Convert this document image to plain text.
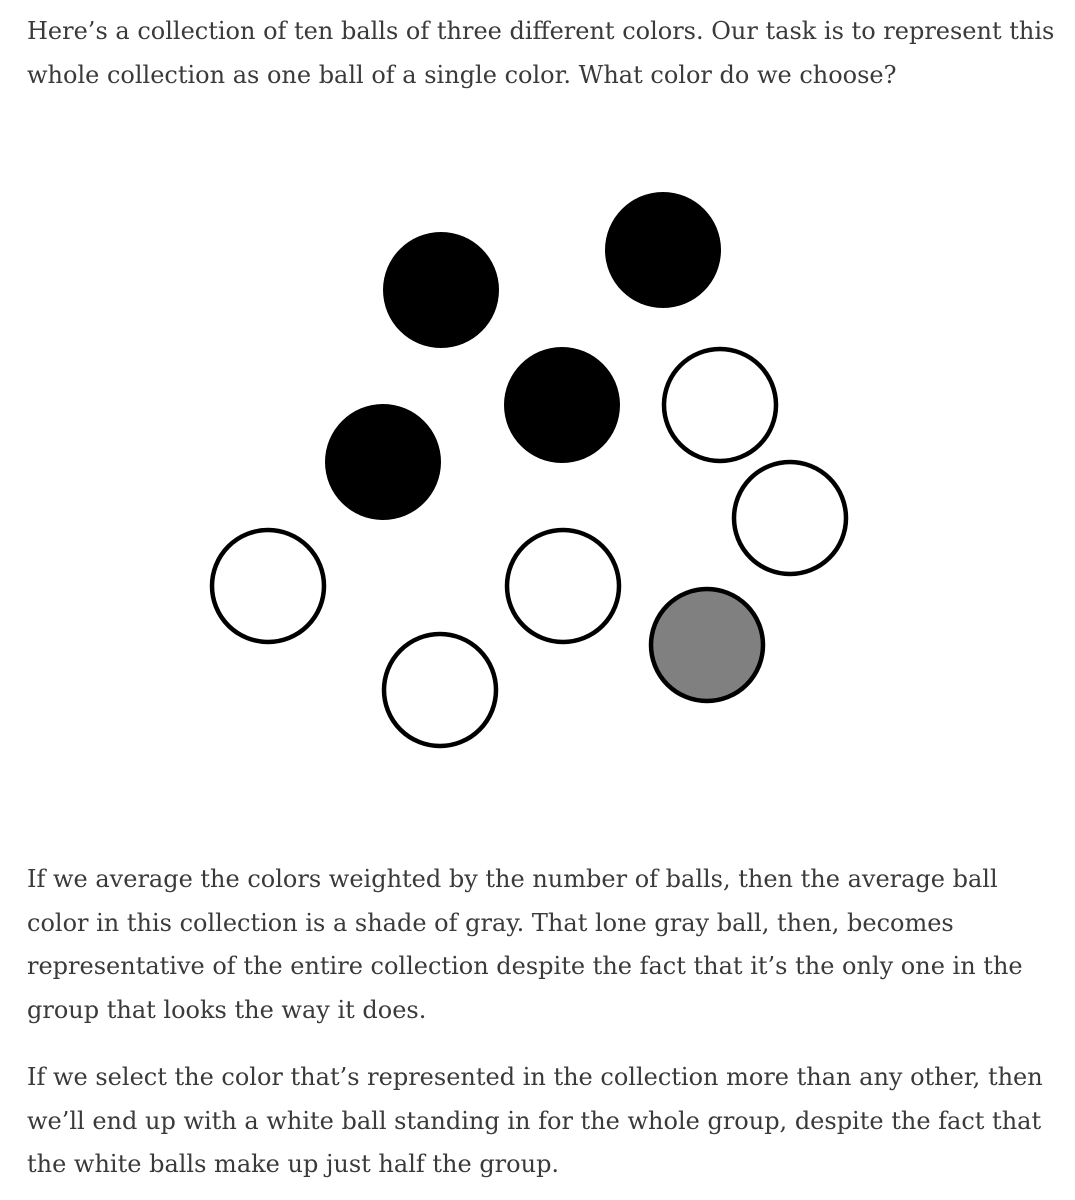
Here’s a collection of ten balls of three different colors. Our task is to represent this whole collection as one ball of a single color. What color do we choose?

If we average the colors weighted by the number of balls, then the average ball color in this collection is a shade of gray. That lone gray ball, then, becomes representative of the entire collection despite the fact that it’s the only one in the group that looks the way it does.

If we select the color that’s represented in the collection more than any other, then we’ll end up with a white ball standing in for the whole group, despite the fact that the white balls make up just half the group.
